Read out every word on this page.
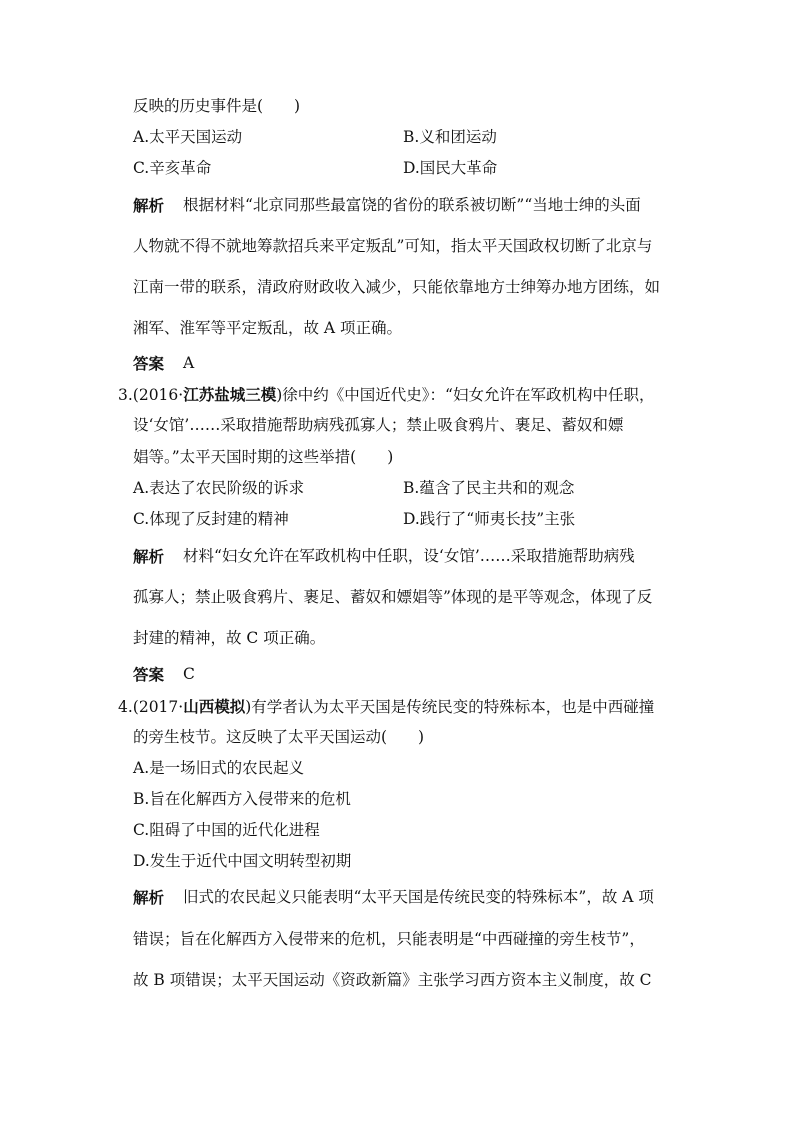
反映的历史事件是(　　)
A.太平天国运动	B.义和团运动
C.辛亥革命	D.国民大革命
解析 根据材料“北京同那些最富饶的省份的联系被切断”“当地士绅的头面
人物就不得不就地筹款招兵来平定叛乱”可知，指太平天国政权切断了北京与
江南一带的联系，清政府财政收入减少，只能依靠地方士绅筹办地方团练，如
湘军、淮军等平定叛乱，故 A 项正确。
答案 A
3.(2016·江苏盐城三模)徐中约《中国近代史》：“妇女允许在军政机构中任职，
设‘女馆’……采取措施帮助病残孤寡人；禁止吸食鸦片、裹足、蓄奴和嫖
娼等。”太平天国时期的这些举措(　　)
A.表达了农民阶级的诉求	B.蕴含了民主共和的观念
C.体现了反封建的精神	D.践行了“师夷长技”主张
解析 材料“妇女允许在军政机构中任职，设‘女馆’……采取措施帮助病残
孤寡人；禁止吸食鸦片、裹足、蓄奴和嫖娼等”体现的是平等观念，体现了反
封建的精神，故 C 项正确。
答案 C
4.(2017·山西模拟)有学者认为太平天国是传统民变的特殊标本，也是中西碰撞
的旁生枝节。这反映了太平天国运动(　　)
A.是一场旧式的农民起义
B.旨在化解西方入侵带来的危机
C.阻碍了中国的近代化进程
D.发生于近代中国文明转型初期
解析 旧式的农民起义只能表明“太平天国是传统民变的特殊标本”，故 A 项
错误；旨在化解西方入侵带来的危机，只能表明是“中西碰撞的旁生枝节”，
故 B 项错误；太平天国运动《资政新篇》主张学习西方资本主义制度，故 C
